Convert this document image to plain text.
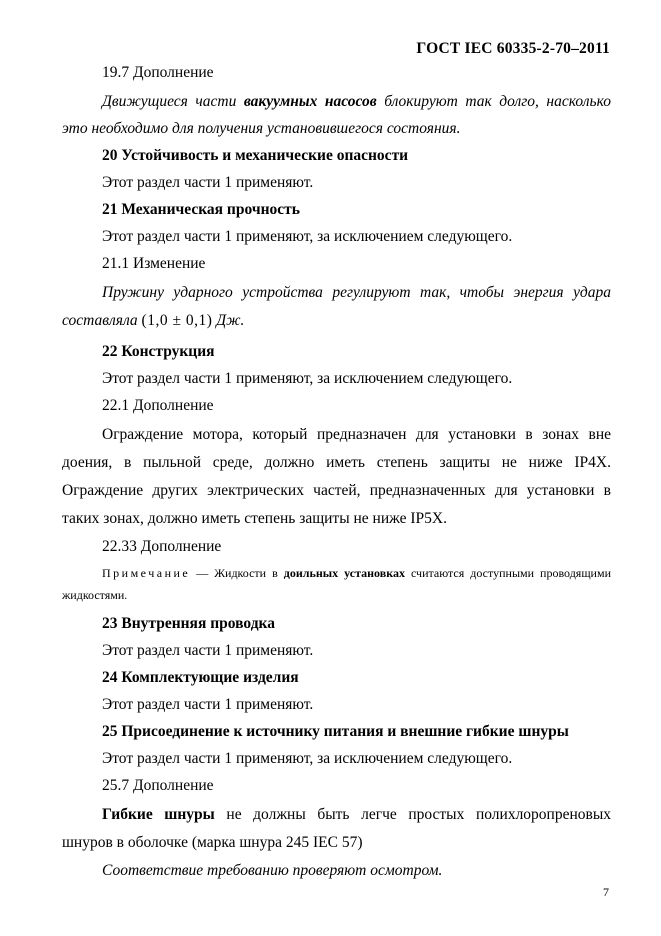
ГОСТ IEC 60335-2-70–2011

19.7 Дополнение

Движущиеся части вакуумных насосов блокируют так долго, насколько это необходимо для получения установившегося состояния.

20 Устойчивость и механические опасности

Этот раздел части 1 применяют.

21 Механическая прочность

Этот раздел части 1 применяют, за исключением следующего.

21.1 Изменение

Пружину ударного устройства регулируют так, чтобы энергия удара составляла (1,0 ± 0,1) Дж.

22 Конструкция

Этот раздел части 1 применяют, за исключением следующего.

22.1 Дополнение

Ограждение мотора, который предназначен для установки в зонах вне доения, в пыльной среде, должно иметь степень защиты не ниже IP4X. Ограждение других электрических частей, предназначенных для установки в таких зонах, должно иметь степень защиты не ниже IP5X.

22.33 Дополнение

Примечание — Жидкости в доильных установках считаются доступными проводящими жидкостями.

23 Внутренняя проводка

Этот раздел части 1 применяют.

24 Комплектующие изделия

Этот раздел части 1 применяют.

25 Присоединение к источнику питания и внешние гибкие шнуры

Этот раздел части 1 применяют, за исключением следующего.

25.7 Дополнение

Гибкие шнуры не должны быть легче простых полихлоропреновых шнуров в оболочке (марка шнура 245 IEC 57)

Соответствие требованию проверяют осмотром.

7
